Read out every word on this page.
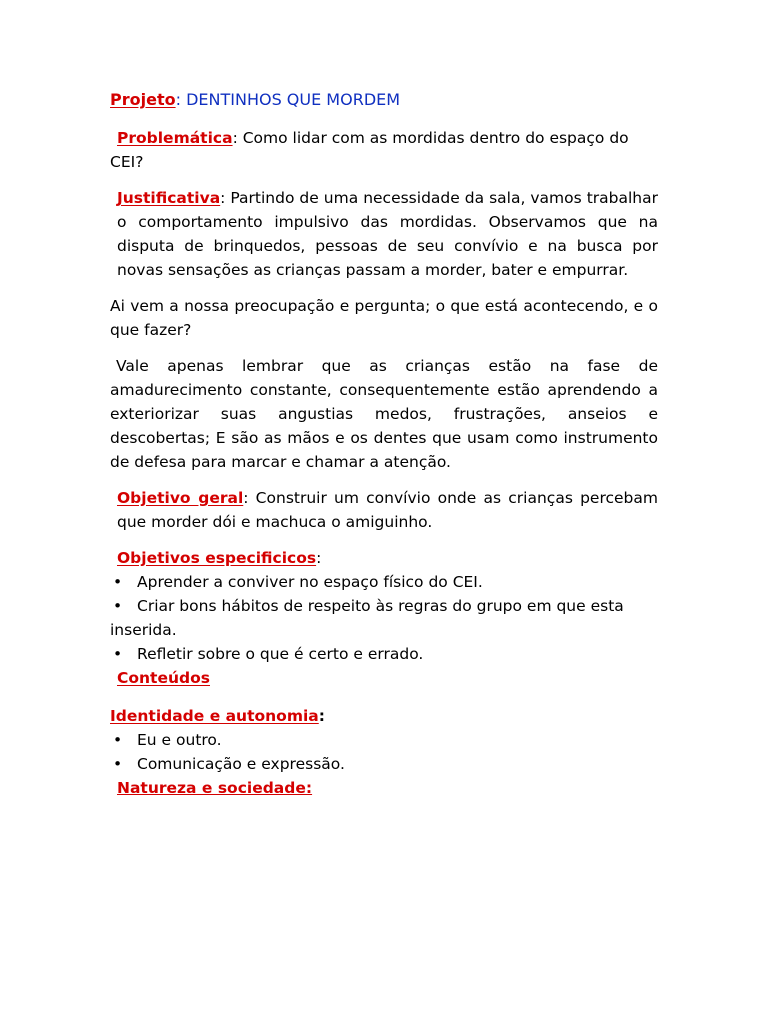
Projeto: DENTINHOS QUE MORDEM

Problemática: Como lidar com as mordidas dentro do espaço do
CEI?

Justificativa: Partindo de uma necessidade da sala, vamos trabalhar o comportamento impulsivo das mordidas. Observamos que na disputa de brinquedos, pessoas de seu convívio e na busca por novas sensações as crianças passam a morder, bater e empurrar.

Ai vem a nossa preocupação e pergunta; o que está acontecendo, e o que fazer?

Vale apenas lembrar que as crianças estão na fase de amadurecimento constante, consequentemente estão aprendendo a exteriorizar suas angustias medos, frustrações, anseios e descobertas; E são as mãos e os dentes que usam como instrumento de defesa para marcar e chamar a atenção.

Objetivo geral: Construir um convívio onde as crianças percebam que morder dói e machuca o amiguinho.

Objetivos especificicos:

• Aprender a conviver no espaço físico do CEI.
• Criar bons hábitos de respeito às regras do grupo em que esta inserida.
• Refletir sobre o que é certo e errado.

Conteúdos

Identidade e autonomia:

• Eu e outro.
• Comunicação e expressão.

Natureza e sociedade:
